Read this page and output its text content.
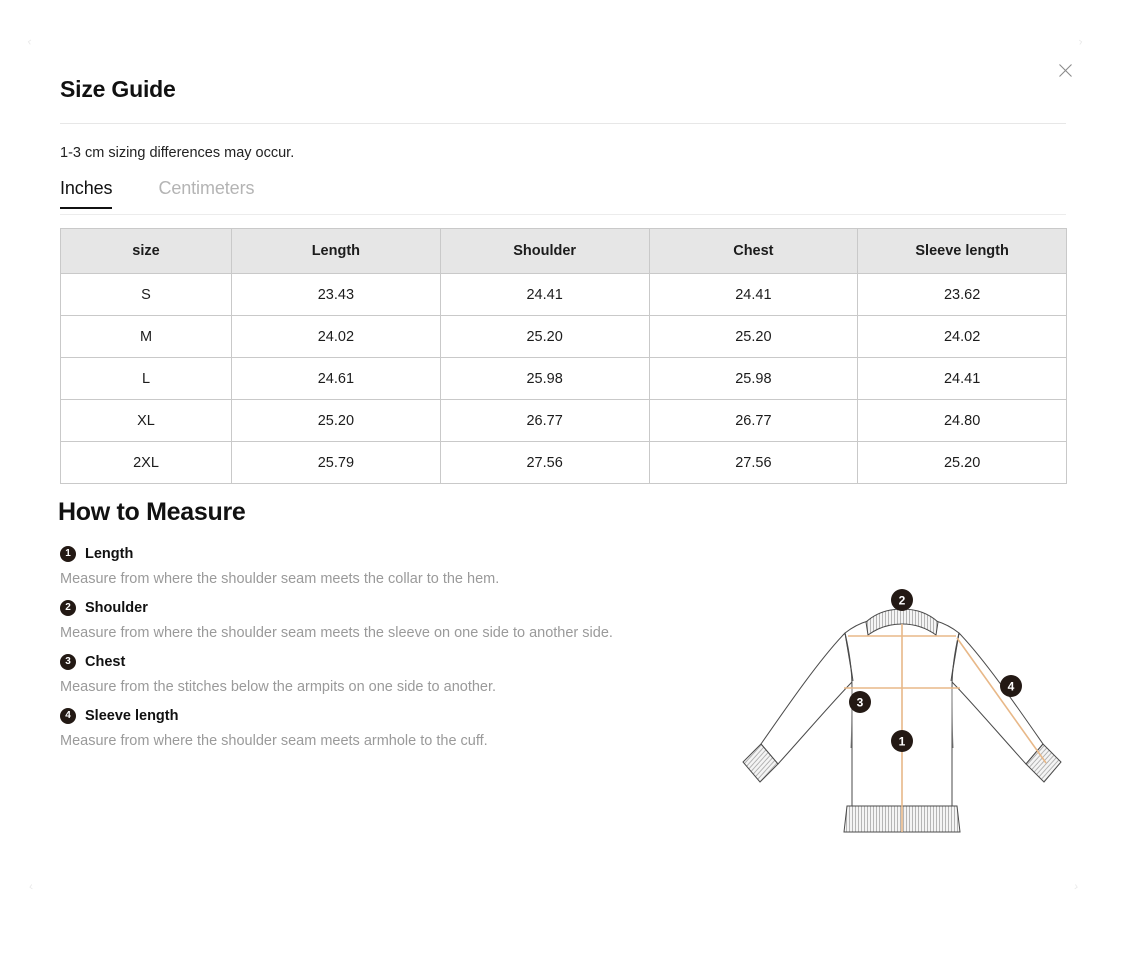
⌜	⌝
⌞	⌟
Size Guide
1-3 cm sizing differences may occur.
Inches	Centimeters
size	Length	Shoulder	Chest	Sleeve length
S	23.43	24.41	24.41	23.62
M	24.02	25.20	25.20	24.02
L	24.61	25.98	25.98	24.41
XL	25.20	26.77	26.77	24.80
2XL	25.79	27.56	27.56	25.20
How to Measure
1 Length
Measure from where the shoulder seam meets the collar to the hem.
2 Shoulder
Measure from where the shoulder seam meets the sleeve on one side to another side.
3 Chest
Measure from the stitches below the armpits on one side to another.
4 Sleeve length
Measure from where the shoulder seam meets armhole to the cuff.
2
3
1
4
